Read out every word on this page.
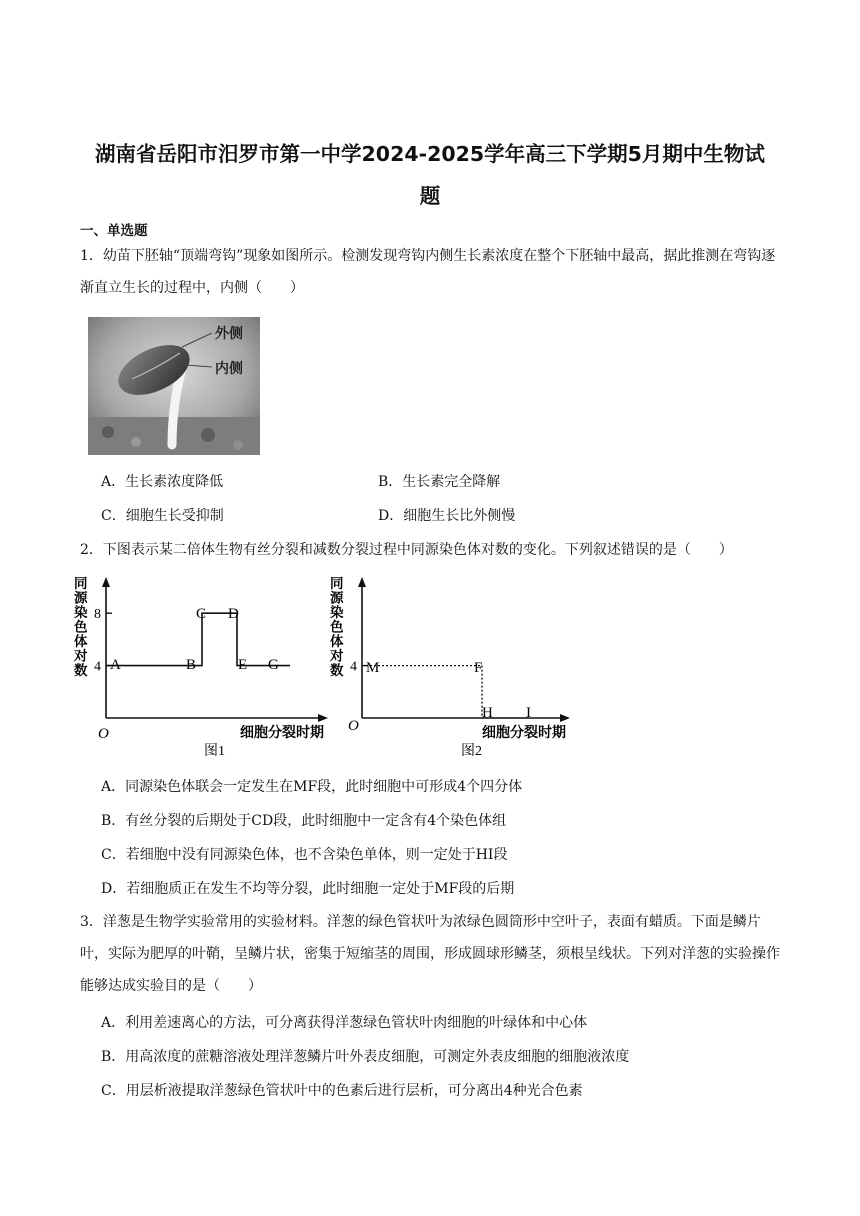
湖南省岳阳市汨罗市第一中学2024-2025学年高三下学期5月期中生物试
题
一、单选题
1．幼苗下胚轴“顶端弯钩”现象如图所示。检测发现弯钩内侧生长素浓度在整个下胚轴中最高，据此推测在弯钩逐渐直立生长的过程中，内侧（　　）
外侧
内侧
A．生长素浓度降低	B．生长素完全降解
C．细胞生长受抑制	D．细胞生长比外侧慢
2．下图表示某二倍体生物有丝分裂和减数分裂过程中同源染色体对数的变化。下列叙述错误的是（　　）
O	细胞分裂时期
图1
同
源
染
色
体
对
数 4
8
A	B
C D
E G
O	细胞分裂时期
图2
同
源
染
色
体
对
数 4 M	F
H I
A．同源染色体联会一定发生在MF段，此时细胞中可形成4个四分体
B．有丝分裂的后期处于CD段，此时细胞中一定含有4个染色体组
C．若细胞中没有同源染色体，也不含染色单体，则一定处于HI段
D．若细胞质正在发生不均等分裂，此时细胞一定处于MF段的后期
3．洋葱是生物学实验常用的实验材料。洋葱的绿色管状叶为浓绿色圆筒形中空叶子，表面有蜡质。下面是鳞片叶，实际为肥厚的叶鞘，呈鳞片状，密集于短缩茎的周围，形成圆球形鳞茎，须根呈线状。下列对洋葱的实验操作能够达成实验目的是（　　）
A．利用差速离心的方法，可分离获得洋葱绿色管状叶肉细胞的叶绿体和中心体
B．用高浓度的蔗糖溶液处理洋葱鳞片叶外表皮细胞，可测定外表皮细胞的细胞液浓度
C．用层析液提取洋葱绿色管状叶中的色素后进行层析，可分离出4种光合色素
